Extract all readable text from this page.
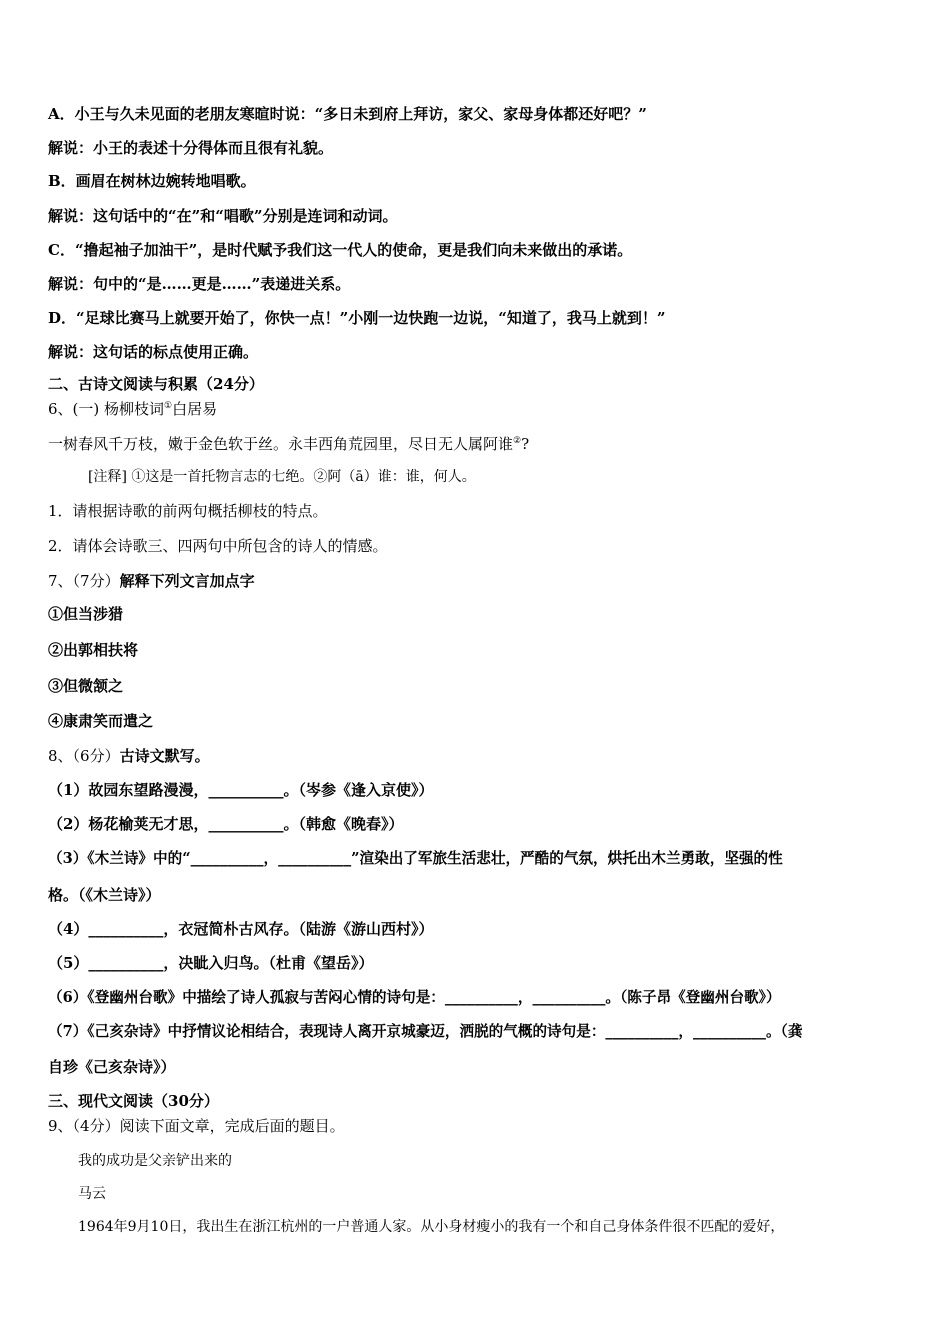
A．小王与久未见面的老朋友寒暄时说：“多日未到府上拜访，家父、家母身体都还好吧？”
解说：小王的表述十分得体而且很有礼貌。
B．画眉在树林边婉转地唱歌。
解说：这句话中的“在”和“唱歌”分别是连词和动词。
C．“撸起袖子加油干”，是时代赋予我们这一代人的使命，更是我们向未来做出的承诺。
解说：句中的“是……更是……”表递进关系。
D．“足球比赛马上就要开始了，你快一点！”小刚一边快跑一边说，“知道了，我马上就到！”
解说：这句话的标点使用正确。
二、古诗文阅读与积累（24分）
6、(一) 杨柳枝词①白居易
一树春风千万枝，嫩于金色软于丝。永丰西角荒园里，尽日无人属阿谁②?
[注释] ①这是一首托物言志的七绝。②阿（ā）谁：谁，何人。
1．请根据诗歌的前两句概括柳枝的特点。
2．请体会诗歌三、四两句中所包含的诗人的情感。
7、（7分）解释下列文言加点字
①但当涉猎
②出郭相扶将
③但微颔之
④康肃笑而遣之
8、（6分）古诗文默写。
（1）故园东望路漫漫，__________。（岑参《逢入京使》）
（2）杨花榆荚无才思，__________。（韩愈《晚春》）
（3）《木兰诗》中的“__________，__________”渲染出了军旅生活悲壮，严酷的气氛，烘托出木兰勇敢，坚强的性
格。（《木兰诗》）
（4）__________，衣冠简朴古风存。（陆游《游山西村》）
（5）__________，决眦入归鸟。（杜甫《望岳》）
（6）《登幽州台歌》中描绘了诗人孤寂与苦闷心情的诗句是：__________，__________。（陈子昂《登幽州台歌》）
（7）《己亥杂诗》中抒情议论相结合，表现诗人离开京城豪迈，洒脱的气概的诗句是：__________，__________。（龚
自珍《己亥杂诗》）
三、现代文阅读（30分）
9、（4分）阅读下面文章，完成后面的题目。
我的成功是父亲铲出来的
马云
1964年9月10日，我出生在浙江杭州的一户普通人家。从小身材瘦小的我有一个和自己身体条件很不匹配的爱好，
